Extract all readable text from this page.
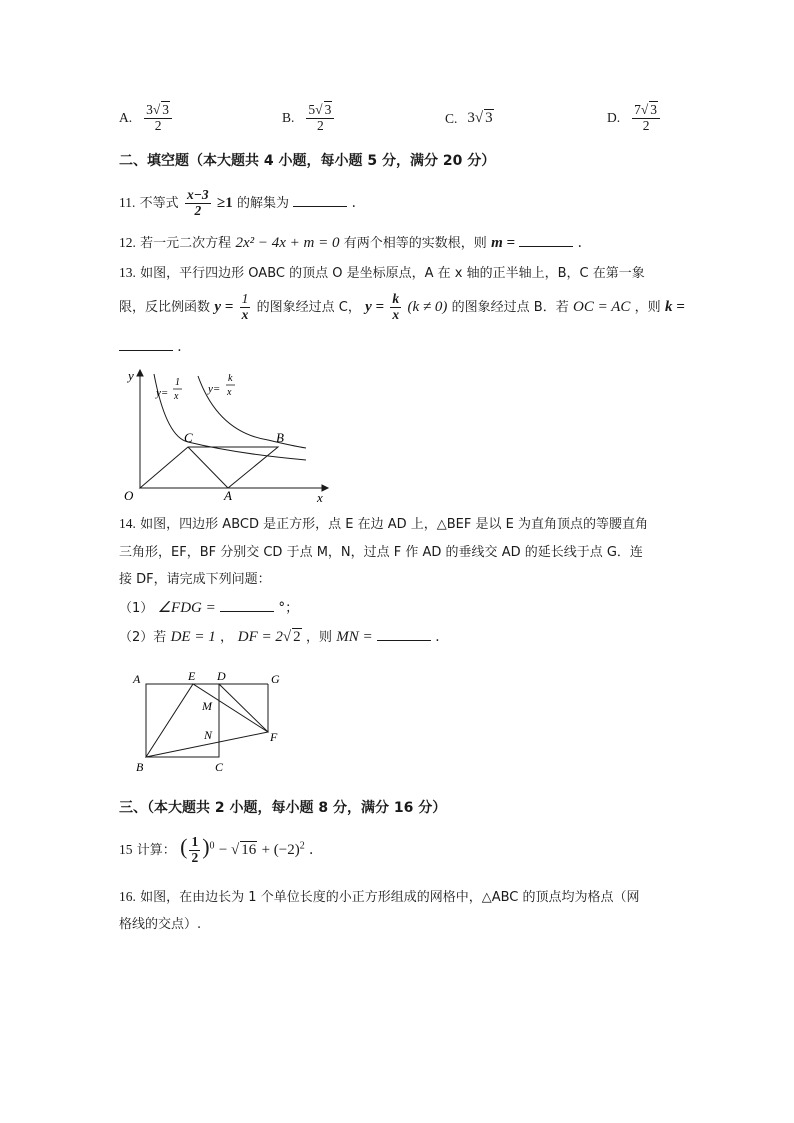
A. $\frac{3√ 3}{2}$	B. $\frac{5√ 3}{2}$	C. 3√ 3	D. $\frac{7√ 3}{2}$
二、填空题（本大题共 4 小题，每小题 5 分，满分 20 分）
11. 不等式 $\frac{x-3}{2} \ge 1$ 的解集为	.
12. 若一元二次方程 2x² − 4x + m = 0 有两个相等的实数根，则 m =	.
13. 如图，平行四边形 OABC 的顶点 O 是坐标原点，A 在 x 轴的正半轴上，B，C 在第一象
限，反比例函数 $y = \frac{1}{x}$ 的图象经过点 C， $y = \frac{k}{x} (k \ne 0)$ 的图象经过点 B．若 OC = AC ，则 k =
.
y
x
O	A
B
C
y=
1
x
y=
k
x
14. 如图，四边形 ABCD 是正方形，点 E 在边 AD 上，△BEF 是以 E 为直角顶点的等腰直角
三角形，EF，BF 分别交 CD 于点 M，N，过点 F 作 AD 的垂线交 AD 的延长线于点 G．连
接 DF，请完成下列问题：
（1） ∠FDG =	°；
（2）若 DE = 1 ， DF = 2√ 2 ，则 MN =	.
A	E D	G
M
N	F
B	C
三、（本大题共 2 小题，每小题 8 分，满分 16 分）
15 计算： ( $\frac{1}{2} )^0$ − √ $16 + (-2)^2$ .
16. 如图，在由边长为 1 个单位长度的小正方形组成的网格中，△ABC 的顶点均为格点（网
格线的交点）.
